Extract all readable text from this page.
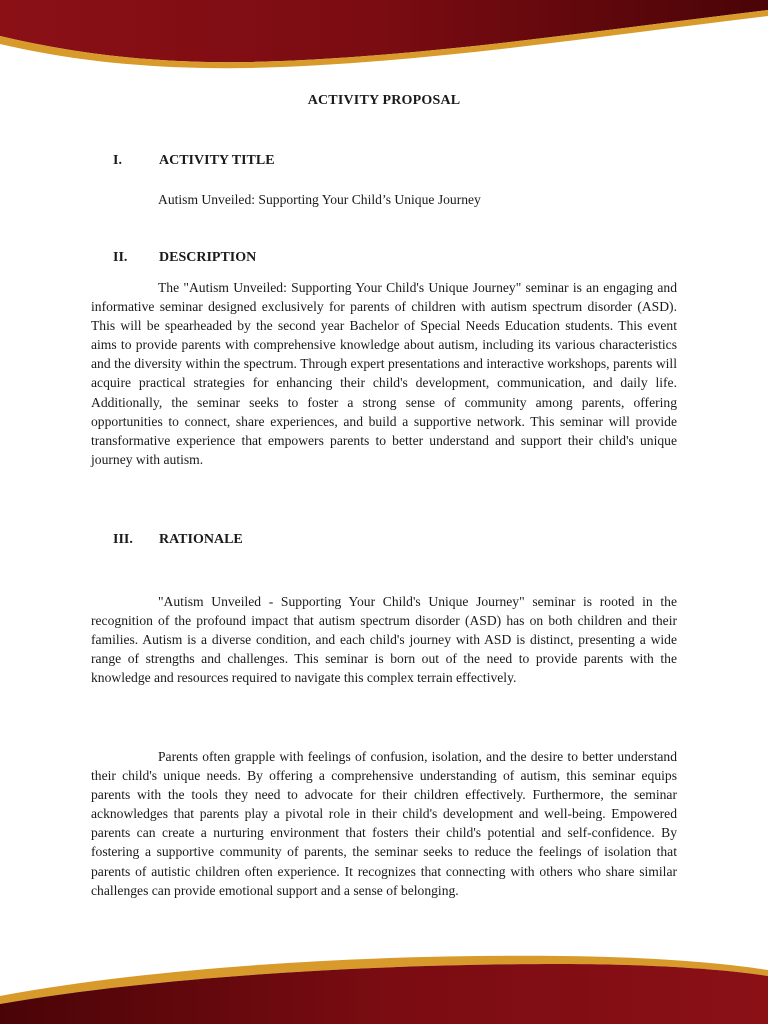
ACTIVITY PROPOSAL
I.	ACTIVITY TITLE
Autism Unveiled: Supporting Your Child’s Unique Journey
II. DESCRIPTION

The "Autism Unveiled: Supporting Your Child's Unique Journey" seminar is an engaging and informative seminar designed exclusively for parents of children with autism spectrum disorder (ASD). This will be spearheaded by the second year Bachelor of Special Needs Education students. This event aims to provide parents with comprehensive knowledge about autism, including its various characteristics and the diversity within the spectrum. Through expert presentations and interactive workshops, parents will acquire practical strategies for enhancing their child's development, communication, and daily life. Additionally, the seminar seeks to foster a strong sense of community among parents, offering opportunities to connect, share experiences, and build a supportive network. This seminar will provide transformative experience that empowers parents to better understand and support their child's unique journey with autism.

III. RATIONALE

"Autism Unveiled - Supporting Your Child's Unique Journey" seminar is rooted in the recognition of the profound impact that autism spectrum disorder (ASD) has on both children and their families. Autism is a diverse condition, and each child's journey with ASD is distinct, presenting a wide range of strengths and challenges. This seminar is born out of the need to provide parents with the knowledge and resources required to navigate this complex terrain effectively.

Parents often grapple with feelings of confusion, isolation, and the desire to better understand their child's unique needs. By offering a comprehensive understanding of autism, this seminar equips parents with the tools they need to advocate for their children effectively. Furthermore, the seminar acknowledges that parents play a pivotal role in their child's development and well-being. Empowered parents can create a nurturing environment that fosters their child's potential and self-confidence. By fostering a supportive community of parents, the seminar seeks to reduce the feelings of isolation that parents of autistic children often experience. It recognizes that connecting with others who share similar challenges can provide emotional support and a sense of belonging.
